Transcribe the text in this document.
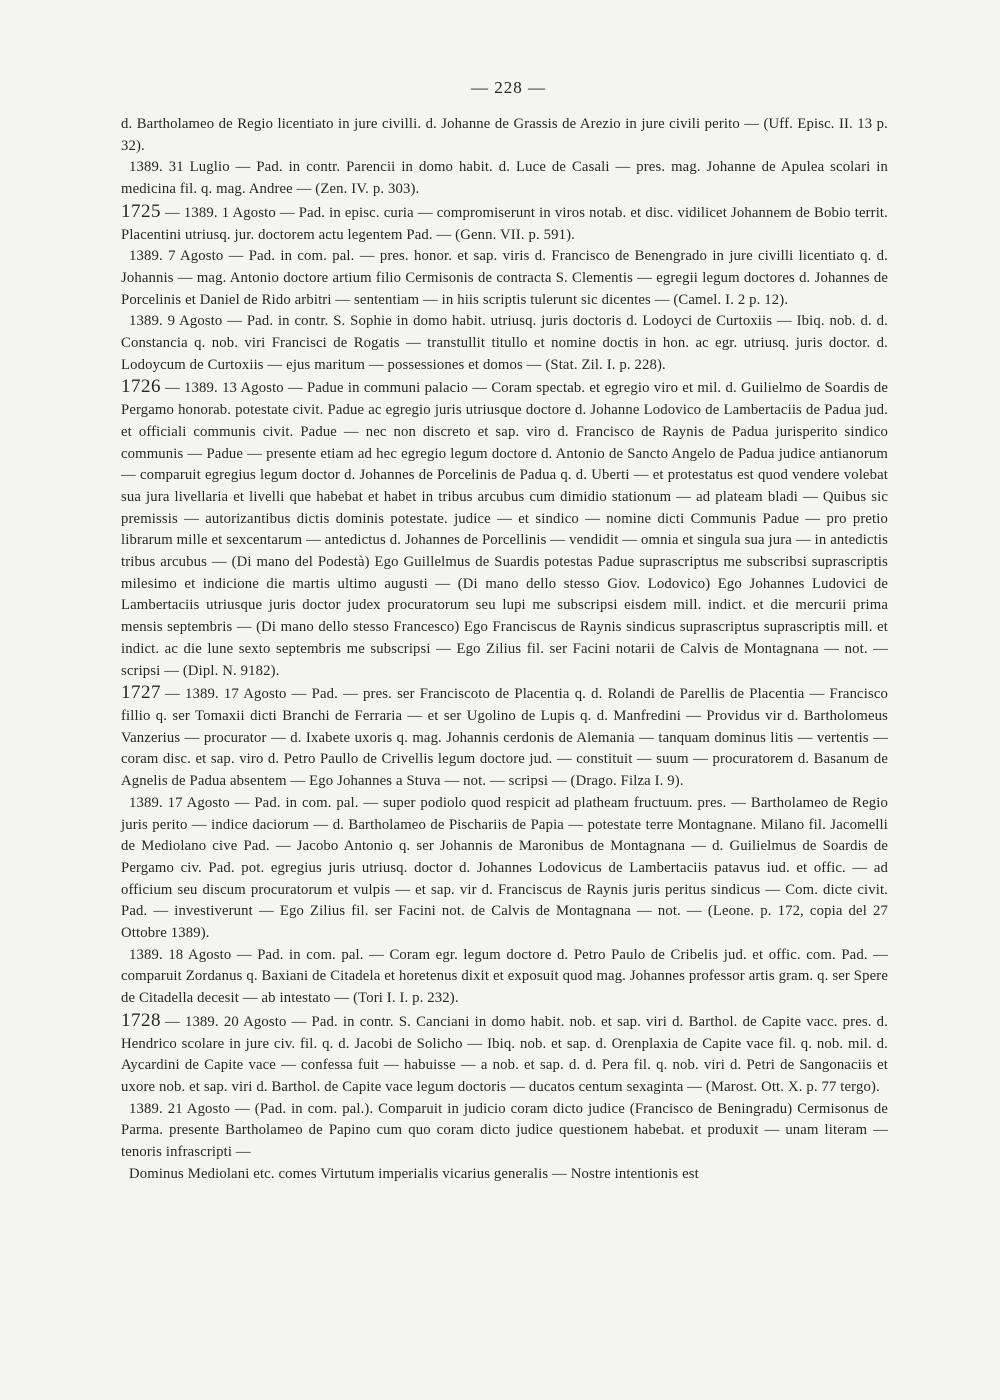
— 228 —

d. Bartholameo de Regio licentiato in jure civilli. d. Johanne de Grassis de Arezio in jure civili perito — (Uff. Episc. II. 13 p. 32).

1389. 31 Luglio — Pad. in contr. Parencii in domo habit. d. Luce de Casali — pres. mag. Johanne de Apulea scolari in medicina fil. q. mag. Andree — (Zen. IV. p. 303).

1725 — 1389. 1 Agosto — Pad. in episc. curia — compromiserunt in viros notab. et disc. vidilicet Johannem de Bobio territ. Placentini utriusq. jur. doctorem actu legentem Pad. — (Genn. VII. p. 591).

1389. 7 Agosto — Pad. in com. pal. — pres. honor. et sap. viris d. Francisco de Benengrado in jure civilli licentiato q. d. Johannis — mag. Antonio doctore artium filio Cermisonis de contracta S. Clementis — egregii legum doctores d. Johannes de Porcelinis et Daniel de Rido arbitri — sententiam — in hiis scriptis tulerunt sic dicentes — (Camel. I. 2 p. 12).

1389. 9 Agosto — Pad. in contr. S. Sophie in domo habit. utriusq. juris doctoris d. Lodoyci de Curtoxiis — Ibiq. nob. d. d. Constancia q. nob. viri Francisci de Rogatis — transtullit titullo et nomine doctis in hon. ac egr. utriusq. juris doctor. d. Lodoycum de Curtoxiis — ejus maritum — possessiones et domos — (Stat. Zil. I. p. 228).

1726 — 1389. 13 Agosto — Padue in communi palacio — Coram spectab. et egregio viro et mil. d. Guilielmo de Soardis de Pergamo honorab. potestate civit. Padue ac egregio juris utriusque doctore d. Johanne Lodovico de Lambertaciis de Padua jud. et officiali communis civit. Padue — nec non discreto et sap. viro d. Francisco de Raynis de Padua jurisperito sindico communis — Padue — presente etiam ad hec egregio legum doctore d. Antonio de Sancto Angelo de Padua judice antianorum — comparuit egregius legum doctor d. Johannes de Porcelinis de Padua q. d. Uberti — et protestatus est quod vendere volebat sua jura livellaria et livelli que habebat et habet in tribus arcubus cum dimidio stationum — ad plateam bladi — Quibus sic premissis — autorizantibus dictis dominis potestate. judice — et sindico — nomine dicti Communis Padue — pro pretio librarum mille et sexcentarum — antedictus d. Johannes de Porcellinis — vendidit — omnia et singula sua jura — in antedictis tribus arcubus — (Di mano del Podestà) Ego Guillelmus de Suardis potestas Padue suprascriptus me subscribsi suprascriptis milesimo et indicione die martis ultimo augusti — (Di mano dello stesso Giov. Lodovico) Ego Johannes Ludovici de Lambertaciis utriusque juris doctor judex procuratorum seu lupi me subscripsi eisdem mill. indict. et die mercurii prima mensis septembris — (Di mano dello stesso Francesco) Ego Franciscus de Raynis sindicus suprascriptus suprascriptis mill. et indict. ac die lune sexto septembris me subscripsi — Ego Zilius fil. ser Facini notarii de Calvis de Montagnana — not. — scripsi — (Dipl. N. 9182).

1727 — 1389. 17 Agosto — Pad. — pres. ser Franciscoto de Placentia q. d. Rolandi de Parellis de Placentia — Francisco fillio q. ser Tomaxii dicti Branchi de Ferraria — et ser Ugolino de Lupis q. d. Manfredini — Providus vir d. Bartholomeus Vanzerius — procurator — d. Ixabete uxoris q. mag. Johannis cerdonis de Alemania — tanquam dominus litis — vertentis — coram disc. et sap. viro d. Petro Paullo de Crivellis legum doctore jud. — constituit — suum — procuratorem d. Basanum de Agnelis de Padua absentem — Ego Johannes a Stuva — not. — scripsi — (Drago. Filza I. 9).

1389. 17 Agosto — Pad. in com. pal. — super podiolo quod respicit ad platheam fructuum. pres. — Bartholameo de Regio juris perito — indice daciorum — d. Bartholameo de Pischariis de Papia — potestate terre Montagnane. Milano fil. Jacomelli de Mediolano cive Pad. — Jacobo Antonio q. ser Johannis de Maronibus de Montagnana — d. Guilielmus de Soardis de Pergamo civ. Pad. pot. egregius juris utriusq. doctor d. Johannes Lodovicus de Lambertaciis patavus iud. et offic. — ad officium seu discum procuratorum et vulpis — et sap. vir d. Franciscus de Raynis juris peritus sindicus — Com. dicte civit. Pad. — investiverunt — Ego Zilius fil. ser Facini not. de Calvis de Montagnana — not. — (Leone. p. 172, copia del 27 Ottobre 1389).

1389. 18 Agosto — Pad. in com. pal. — Coram egr. legum doctore d. Petro Paulo de Cribelis jud. et offic. com. Pad. — comparuit Zordanus q. Baxiani de Citadela et horetenus dixit et exposuit quod mag. Johannes professor artis gram. q. ser Spere de Citadella decesit — ab intestato — (Tori I. I. p. 232).

1728 — 1389. 20 Agosto — Pad. in contr. S. Canciani in domo habit. nob. et sap. viri d. Barthol. de Capite vacc. pres. d. Hendrico scolare in jure civ. fil. q. d. Jacobi de Solicho — Ibiq. nob. et sap. d. Orenplaxia de Capite vace fil. q. nob. mil. d. Aycardini de Capite vace — confessa fuit — habuisse — a nob. et sap. d. d. Pera fil. q. nob. viri d. Petri de Sangonaciis et uxore nob. et sap. viri d. Barthol. de Capite vace legum doctoris — ducatos centum sexaginta — (Marost. Ott. X. p. 77 tergo).

1389. 21 Agosto — (Pad. in com. pal.). Comparuit in judicio coram dicto judice (Francisco de Beningradu) Cermisonus de Parma. presente Bartholameo de Papino cum quo coram dicto judice questionem habebat. et produxit — unam literam — tenoris infrascripti —

Dominus Mediolani etc. comes Virtutum imperialis vicarius generalis — Nostre intentionis est
